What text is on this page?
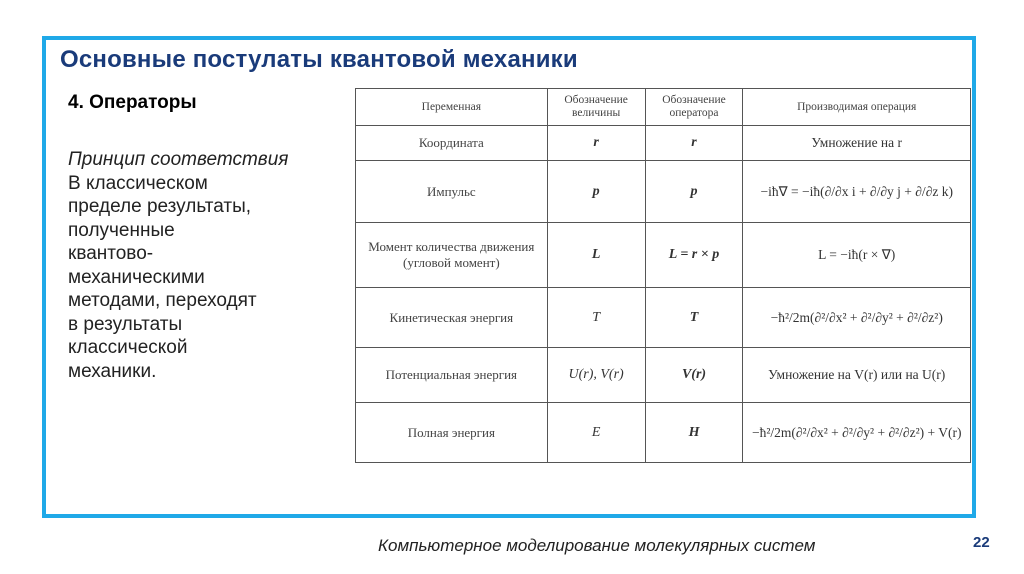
Основные постулаты квантовой механики
4. Операторы
Принцип соответствия
В классическом
пределе результаты,
полученные
квантово-
механическими
методами, переходят
в результаты
классической
механики.
Переменная	Обозначение величины	Обозначение оператора	Производимая операция
Координата	r	r	Умножение на r
Импульс	p	p	−iħ∇ = −iħ(∂/∂x i + ∂/∂y j + ∂/∂z k)
Момент количества движения (угловой момент)	L	L = r × p	L = −iħ(r × ∇)
Кинетическая энергия	T	T	−ħ²/2m(∂²/∂x² + ∂²/∂y² + ∂²/∂z²)
Потенциальная энергия	U(r), V(r)	V(r)	Умножение на V(r) или на U(r)
Полная энергия	E	H	−ħ²/2m(∂²/∂x² + ∂²/∂y² + ∂²/∂z²) + V(r)
Компьютерное моделирование молекулярных систем	22
